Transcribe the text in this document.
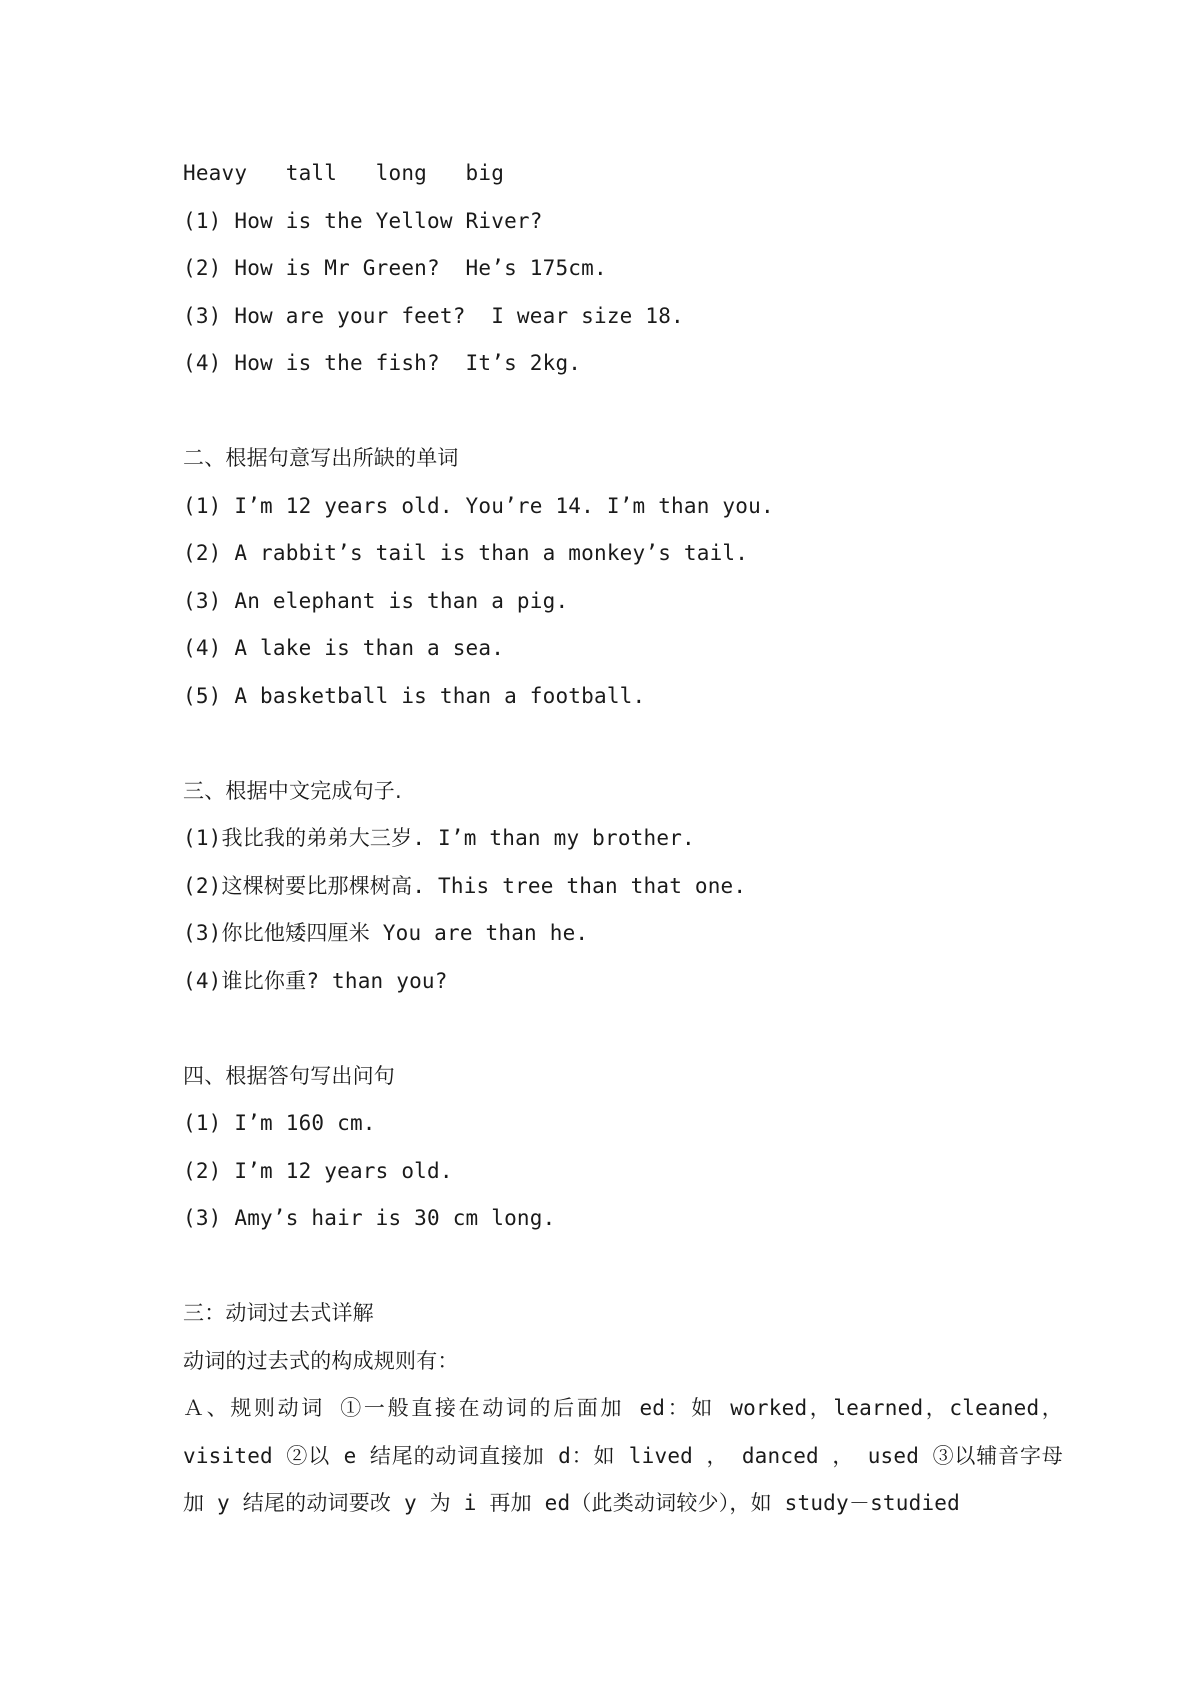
Heavy   tall   long   big

(1) How is the Yellow River?

(2) How is Mr Green?  He’s 175cm.

(3) How are your feet?  I wear size 18.

(4) How is the fish?  It’s 2kg.

二、根据句意写出所缺的单词

(1) I’m 12 years old. You’re 14. I’m than you.

(2) A rabbit’s tail is than a monkey’s tail.

(3) An elephant is than a pig.

(4) A lake is than a sea.

(5) A basketball is than a football.

三、根据中文完成句子.

(1)我比我的弟弟大三岁. I’m than my brother.

(2)这棵树要比那棵树高. This tree than that one.

(3)你比他矮四厘米 You are than he.

(4)谁比你重? than you?

四、根据答句写出问句

(1) I’m 160 cm.

(2) I’m 12 years old.

(3) Amy’s hair is 30 cm long.

三：动词过去式详解

动词的过去式的构成规则有：

Ａ、规则动词 ①一般直接在动词的后面加 ed：如 worked，learned，cleaned，visited ②以 e 结尾的动词直接加 d：如 lived ， danced ， used ③以辅音字母加 y 结尾的动词要改 y 为 i 再加 ed（此类动词较少），如 study－studied
